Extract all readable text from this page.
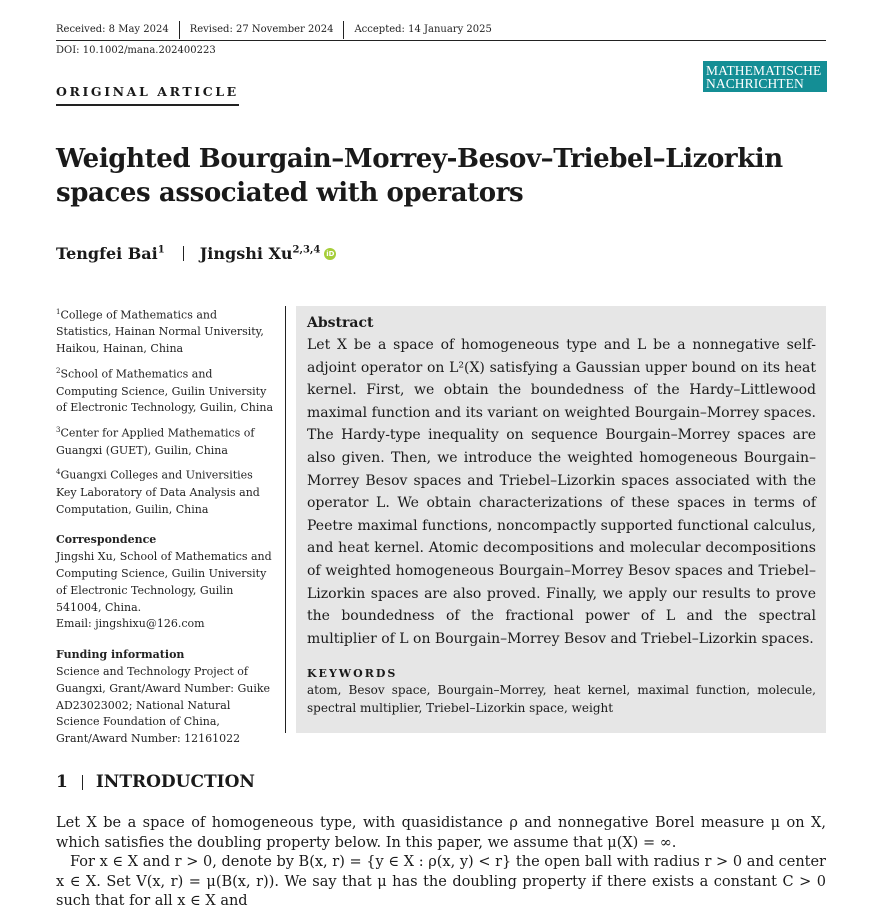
Received: 8 May 2024	Revised: 27 November 2024	Accepted: 14 January 2025
DOI: 10.1002/mana.202400223
MATHEMATISCHE
NACHRICHTEN
ORIGINAL ARTICLE
Weighted Bourgain–Morrey-Besov–Triebel–Lizorkin spaces associated with operators
Tengfei Bai$^1$ Jingshi Xu$^{2,3,4}$ iD
$^1$College of Mathematics and Statistics, Hainan Normal University, Haikou, Hainan, China
$^2$School of Mathematics and Computing Science, Guilin University of Electronic Technology, Guilin, China
$^3$Center for Applied Mathematics of Guangxi (GUET), Guilin, China
$^4$Guangxi Colleges and Universities Key Laboratory of Data Analysis and Computation, Guilin, China
Correspondence
Jingshi Xu, School of Mathematics and Computing Science, Guilin University of Electronic Technology, Guilin 541004, China.
Email: jingshixu@126.com
Funding information
Science and Technology Project of Guangxi, Grant/Award Number: Guike AD23023002; National Natural Science Foundation of China, Grant/Award Number: 12161022
Abstract

Let X be a space of homogeneous type and L be a nonnegative self-adjoint operator on L²(X) satisfying a Gaussian upper bound on its heat kernel. First, we obtain the boundedness of the Hardy–Littlewood maximal function and its variant on weighted Bourgain–Morrey spaces. The Hardy-type inequality on sequence Bourgain–Morrey spaces are also given. Then, we introduce the weighted homogeneous Bourgain–Morrey Besov spaces and Triebel–Lizorkin spaces associated with the operator L. We obtain characterizations of these spaces in terms of Peetre maximal functions, noncompactly supported functional calculus, and heat kernel. Atomic decompositions and molecular decompositions of weighted homogeneous Bourgain–Morrey Besov spaces and Triebel–Lizorkin spaces are also proved. Finally, we apply our results to prove the boundedness of the fractional power of L and the spectral multiplier of L on Bourgain–Morrey Besov and Triebel–Lizorkin spaces.

KEYWORDS
atom, Besov space, Bourgain–Morrey, heat kernel, maximal function, molecule, spectral multiplier, Triebel–Lizorkin space, weight
1 INTRODUCTION

Let X be a space of homogeneous type, with quasidistance ρ and nonnegative Borel measure μ on X, which satisfies the doubling property below. In this paper, we assume that μ(X) = ∞.

For x ∈ X and r > 0, denote by B(x, r) = {y ∈ X : ρ(x, y) < r} the open ball with radius r > 0 and center x ∈ X. Set V(x, r) = μ(B(x, r)). We say that μ has the doubling property if there exists a constant C > 0 such that for all x ∈ X and
